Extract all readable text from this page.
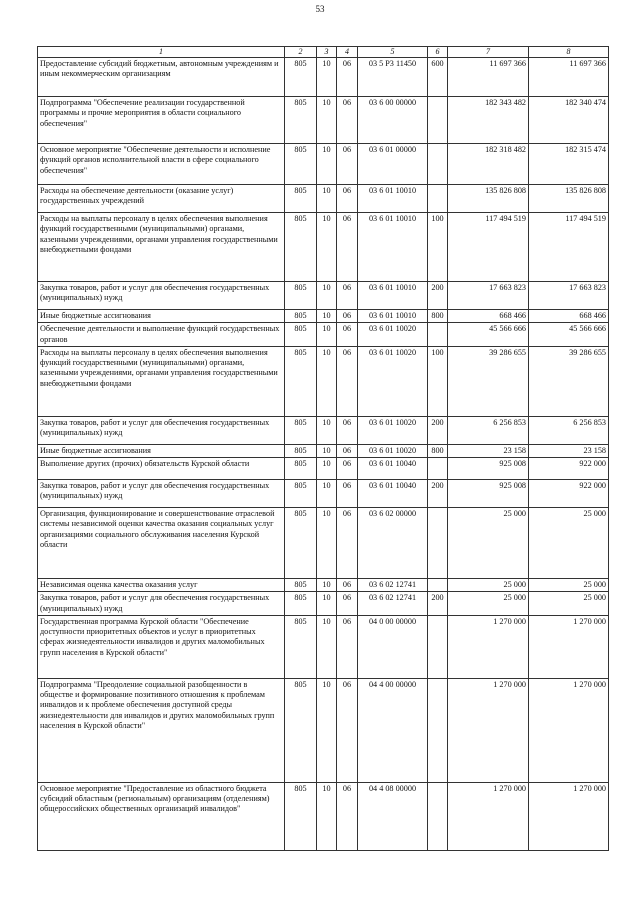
53
1	2	3	4	5	6	7	8
Предоставление субсидий бюджетным, автономным учреждениям и иным некоммерческим организациям	805	10	06	03 5 Р3 11450	600	11 697 366	11 697 366
Подпрограмма "Обеспечение реализации государственной программы и прочие мероприятия в области социального обеспечения"	805	10	06	03 6 00 00000		182 343 482	182 340 474
Основное мероприятие "Обеспечение деятельности и исполнение функций органов исполнительной власти в сфере социального обеспечения"	805	10	06	03 6 01 00000		182 318 482	182 315 474
Расходы на обеспечение деятельности (оказание услуг) государственных учреждений	805	10	06	03 6 01 10010		135 826 808	135 826 808
Расходы на выплаты персоналу в целях обеспечения выполнения функций государственными (муниципальными) органами, казенными учреждениями, органами управления государственными внебюджетными фондами	805	10	06	03 6 01 10010	100	117 494 519	117 494 519
Закупка товаров, работ и услуг для обеспечения государственных (муниципальных) нужд	805	10	06	03 6 01 10010	200	17 663 823	17 663 823
Иные бюджетные ассигнования	805	10	06	03 6 01 10010	800	668 466	668 466
Обеспечение деятельности и выполнение функций государственных органов	805	10	06	03 6 01 10020		45 566 666	45 566 666
Расходы на выплаты персоналу в целях обеспечения выполнения функций государственными (муниципальными) органами, казенными учреждениями, органами управления государственными внебюджетными фондами	805	10	06	03 6 01 10020	100	39 286 655	39 286 655
Закупка товаров, работ и услуг для обеспечения государственных (муниципальных) нужд	805	10	06	03 6 01 10020	200	6 256 853	6 256 853
Иные бюджетные ассигнования	805	10	06	03 6 01 10020	800	23 158	23 158
Выполнение других (прочих) обязательств Курской области	805	10	06	03 6 01 10040		925 008	922 000
Закупка товаров, работ и услуг для обеспечения государственных (муниципальных) нужд	805	10	06	03 6 01 10040	200	925 008	922 000
Организация, функционирование и совершенствование отраслевой системы независимой оценки качества оказания социальных услуг организациями социального обслуживания населения Курской области	805	10	06	03 6 02 00000		25 000	25 000
Независимая оценка качества оказания услуг	805	10	06	03 6 02 12741		25 000	25 000
Закупка товаров, работ и услуг для обеспечения государственных (муниципальных) нужд	805	10	06	03 6 02 12741	200	25 000	25 000
Государственная программа Курской области "Обеспечение доступности приоритетных объектов и услуг в приоритетных сферах жизнедеятельности инвалидов и других маломобильных групп населения в Курской области"	805	10	06	04 0 00 00000		1 270 000	1 270 000
Подпрограмма "Преодоление социальной разобщенности в обществе и формирование позитивного отношения к проблемам инвалидов и к проблеме обеспечения доступной среды жизнедеятельности для инвалидов и других маломобильных групп населения в Курской области"	805	10	06	04 4 00 00000		1 270 000	1 270 000
Основное мероприятие "Предоставление из областного бюджета субсидий областным (региональным) организациям (отделениям) общероссийских общественных организаций инвалидов"	805	10	06	04 4 08 00000		1 270 000	1 270 000
